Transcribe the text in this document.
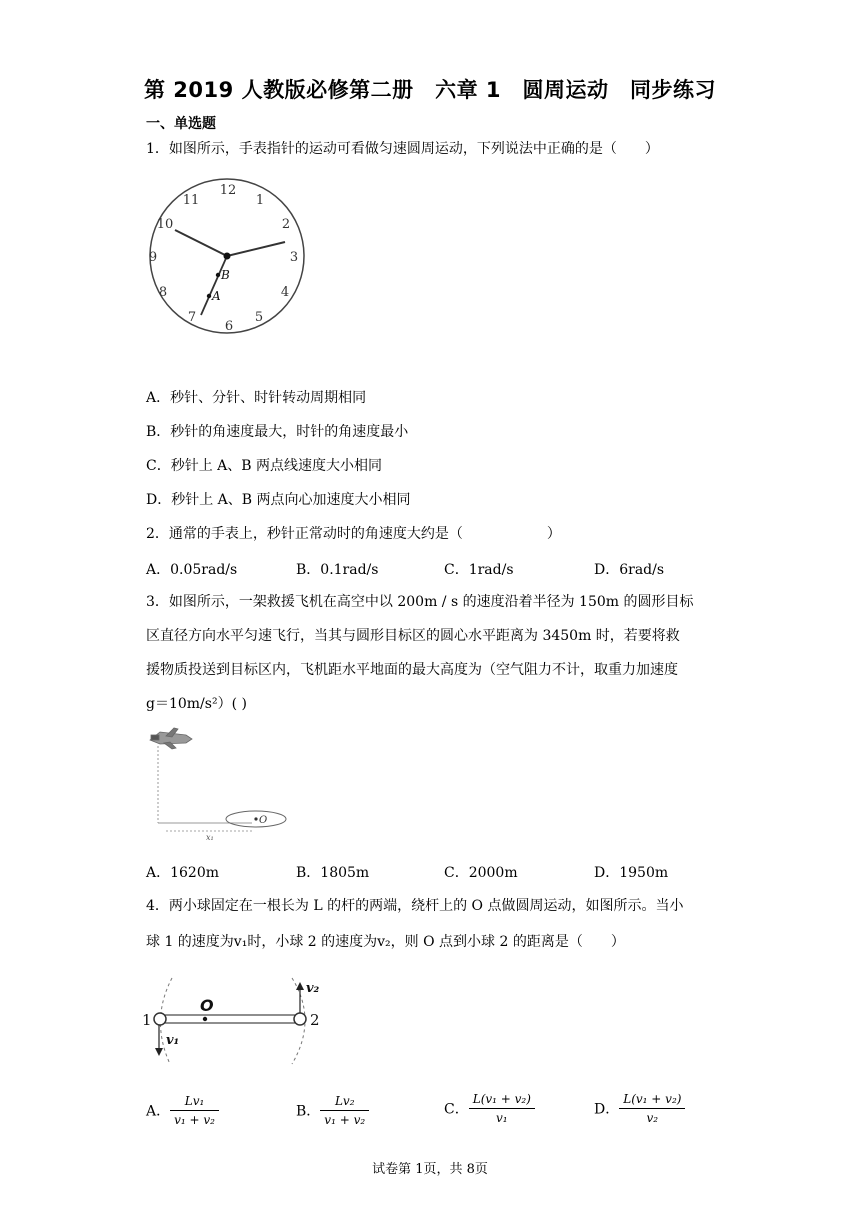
第 2019 人教版必修第二册　六章 1　圆周运动　同步练习
一、单选题
1．如图所示，手表指针的运动可看做匀速圆周运动，下列说法中正确的是（　　）
12
1
2
3
4
5
6
7
8
9
10
11
B
A
A．秒针、分针、时针转动周期相同
B．秒针的角速度最大，时针的角速度最小
C．秒针上 A、B 两点线速度大小相同
D．秒针上 A、B 两点向心加速度大小相同
2．通常的手表上，秒针正常动时的角速度大约是（　　　　　　）
A．0.05rad/s	B．0.1rad/s	C．1rad/s	D．6rad/s
3．如图所示，一架救援飞机在高空中以 200m / s 的速度沿着半径为 150m 的圆形目标
区直径方向水平匀速飞行，当其与圆形目标区的圆心水平距离为 3450m 时，若要将救
援物质投送到目标区内，飞机距水平地面的最大高度为（空气阻力不计，取重力加速度
g＝10m/s²）( )
O
x₁
A．1620m	B．1805m	C．2000m	D．1950m
4．两小球固定在一根长为 L 的杆的两端，绕杆上的 O 点做圆周运动，如图所示。当小
球 1 的速度为v₁时，小球 2 的速度为v₂，则 O 点到小球 2 的距离是（　　）
O
1	2
v₁
v₂
A． $\frac{\text{Lv₁}}{\text{v₁ + v₂}}$	B． $\frac{\text{Lv₂}}{\text{v₁ + v₂}}$	C． $\frac{\text{L(v₁ + v₂)}}{\text{v₁}}$	D． $\frac{\text{L(v₁ + v₂)}}{\text{v₂}}$
试卷第 1页，共 8页
